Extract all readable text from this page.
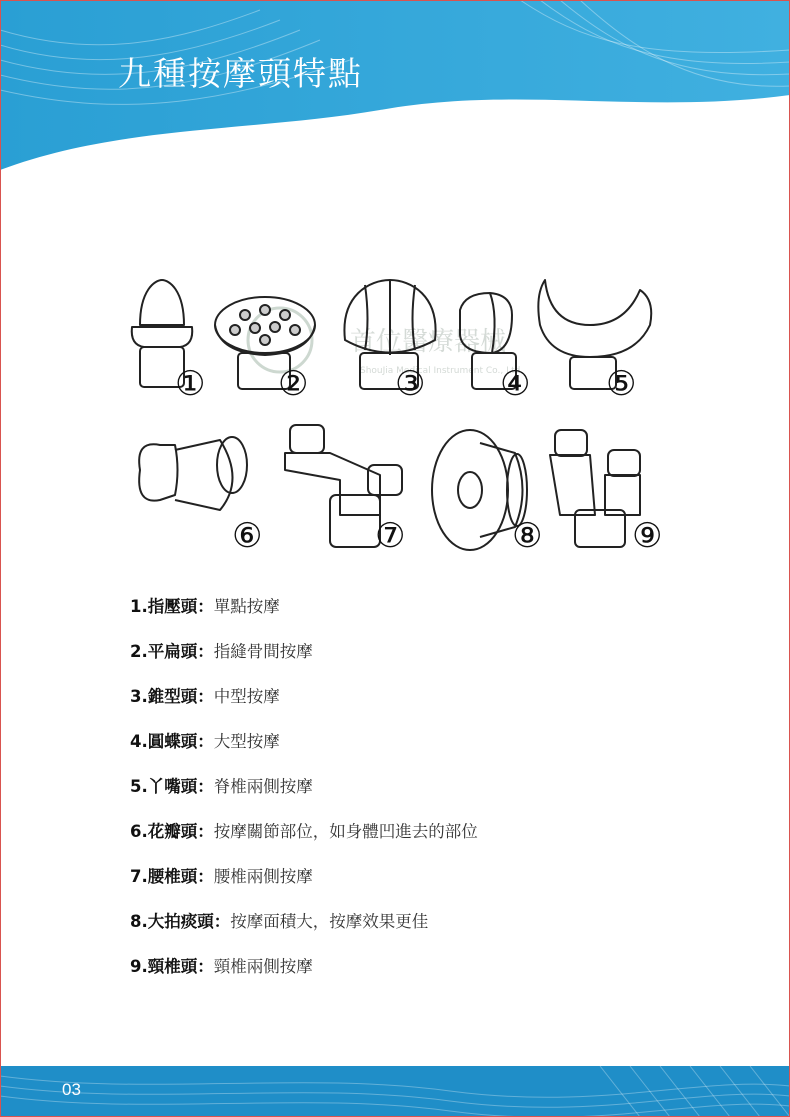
九種按摩頭特點
首位醫療器械
ShouJia Medical Instrument Co., Ltd
① ②	③ ④ ⑤
⑥	⑦	⑧	⑨
1.指壓頭：單點按摩
2.平扁頭：指縫骨間按摩
3.錐型頭：中型按摩
4.圓蝶頭：大型按摩
5.丫嘴頭：脊椎兩側按摩
6.花瓣頭：按摩關節部位，如身體凹進去的部位
7.腰椎頭：腰椎兩側按摩
8.大拍痰頭：按摩面積大，按摩效果更佳
9.頸椎頭：頸椎兩側按摩
03
